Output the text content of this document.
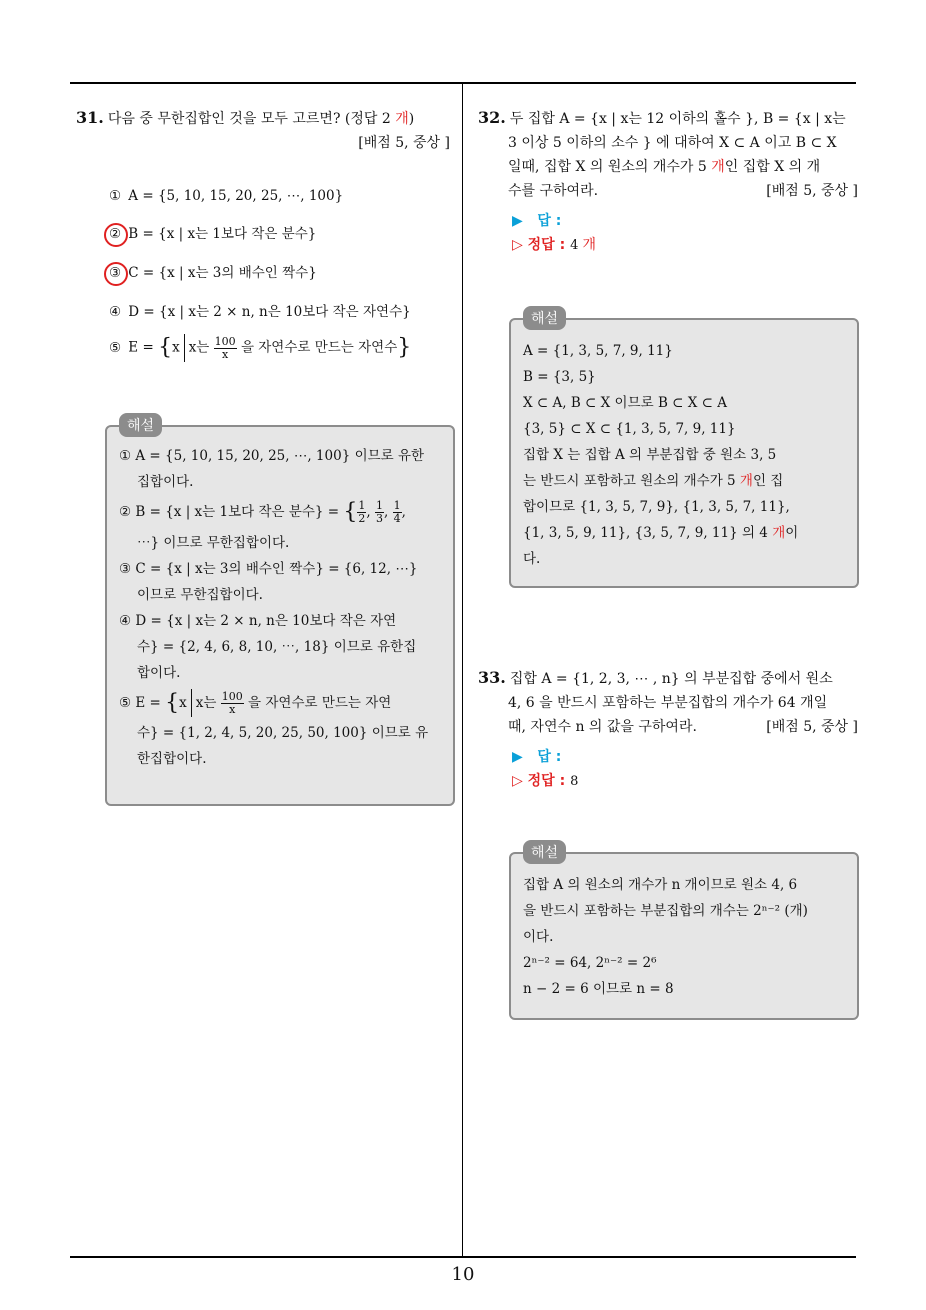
10
31. 다음 중 무한집합인 것을 모두 고르면? (정답 2 개)
[배점 5, 중상 ]
① A = {5, 10, 15, 20, 25, ⋯, 100}
② B = {x | x는 1보다 작은 분수}
③ C = {x | x는 3의 배수인 짝수}
④ D = {x | x는 2 × n, n은 10보다 작은 자연수}
⑤ E = {x x는 $\frac{100}{x}$ 을 자연수로 만드는 자연수}
해설
① A = {5, 10, 15, 20, 25, ⋯, 100} 이므로 유한
집합이다.
② B = {x | x는 1보다 작은 분수} = { $\frac{1}{2}$ , $\frac{1}{3}$ , $\frac{1}{4}$ ,
⋯} 이므로 무한집합이다.
③ C = {x | x는 3의 배수인 짝수} = {6, 12, ⋯}
이므로 무한집합이다.
④ D = {x | x는 2 × n, n은 10보다 작은 자연
수} = {2, 4, 6, 8, 10, ⋯, 18} 이므로 유한집
합이다.
⑤ E = {x x는 $\frac{100}{x}$ 을 자연수로 만드는 자연
수} = {1, 2, 4, 5, 20, 25, 50, 100} 이므로 유
한집합이다.
32. 두 집합 A = {x | x는 12 이하의 홀수 }, B = {x | x는
3 이상 5 이하의 소수 } 에 대하여 X ⊂ A 이고 B ⊂ X
일때, 집합 X 의 원소의 개수가 5 개인 집합 X 의 개
수를 구하여라.	[배점 5, 중상 ]
▶ 답 :
▷ 정답 : 4 개
해설
A = {1, 3, 5, 7, 9, 11}
B = {3, 5}
X ⊂ A, B ⊂ X 이므로 B ⊂ X ⊂ A
{3, 5} ⊂ X ⊂ {1, 3, 5, 7, 9, 11}
집합 X 는 집합 A 의 부분집합 중 원소 3, 5
는 반드시 포함하고 원소의 개수가 5 개인 집
합이므로 {1, 3, 5, 7, 9}, {1, 3, 5, 7, 11},
{1, 3, 5, 9, 11}, {3, 5, 7, 9, 11} 의 4 개이
다.
33. 집합 A = {1, 2, 3, ⋯ , n} 의 부분집합 중에서 원소
4, 6 을 반드시 포함하는 부분집합의 개수가 64 개일
때, 자연수 n 의 값을 구하여라.	[배점 5, 중상 ]
▶ 답 :
▷ 정답 : 8
해설
집합 A 의 원소의 개수가 n 개이므로 원소 4, 6
을 반드시 포함하는 부분집합의 개수는 2ⁿ⁻² (개)
이다.
2ⁿ⁻² = 64, 2ⁿ⁻² = 2⁶
n − 2 = 6 이므로 n = 8
